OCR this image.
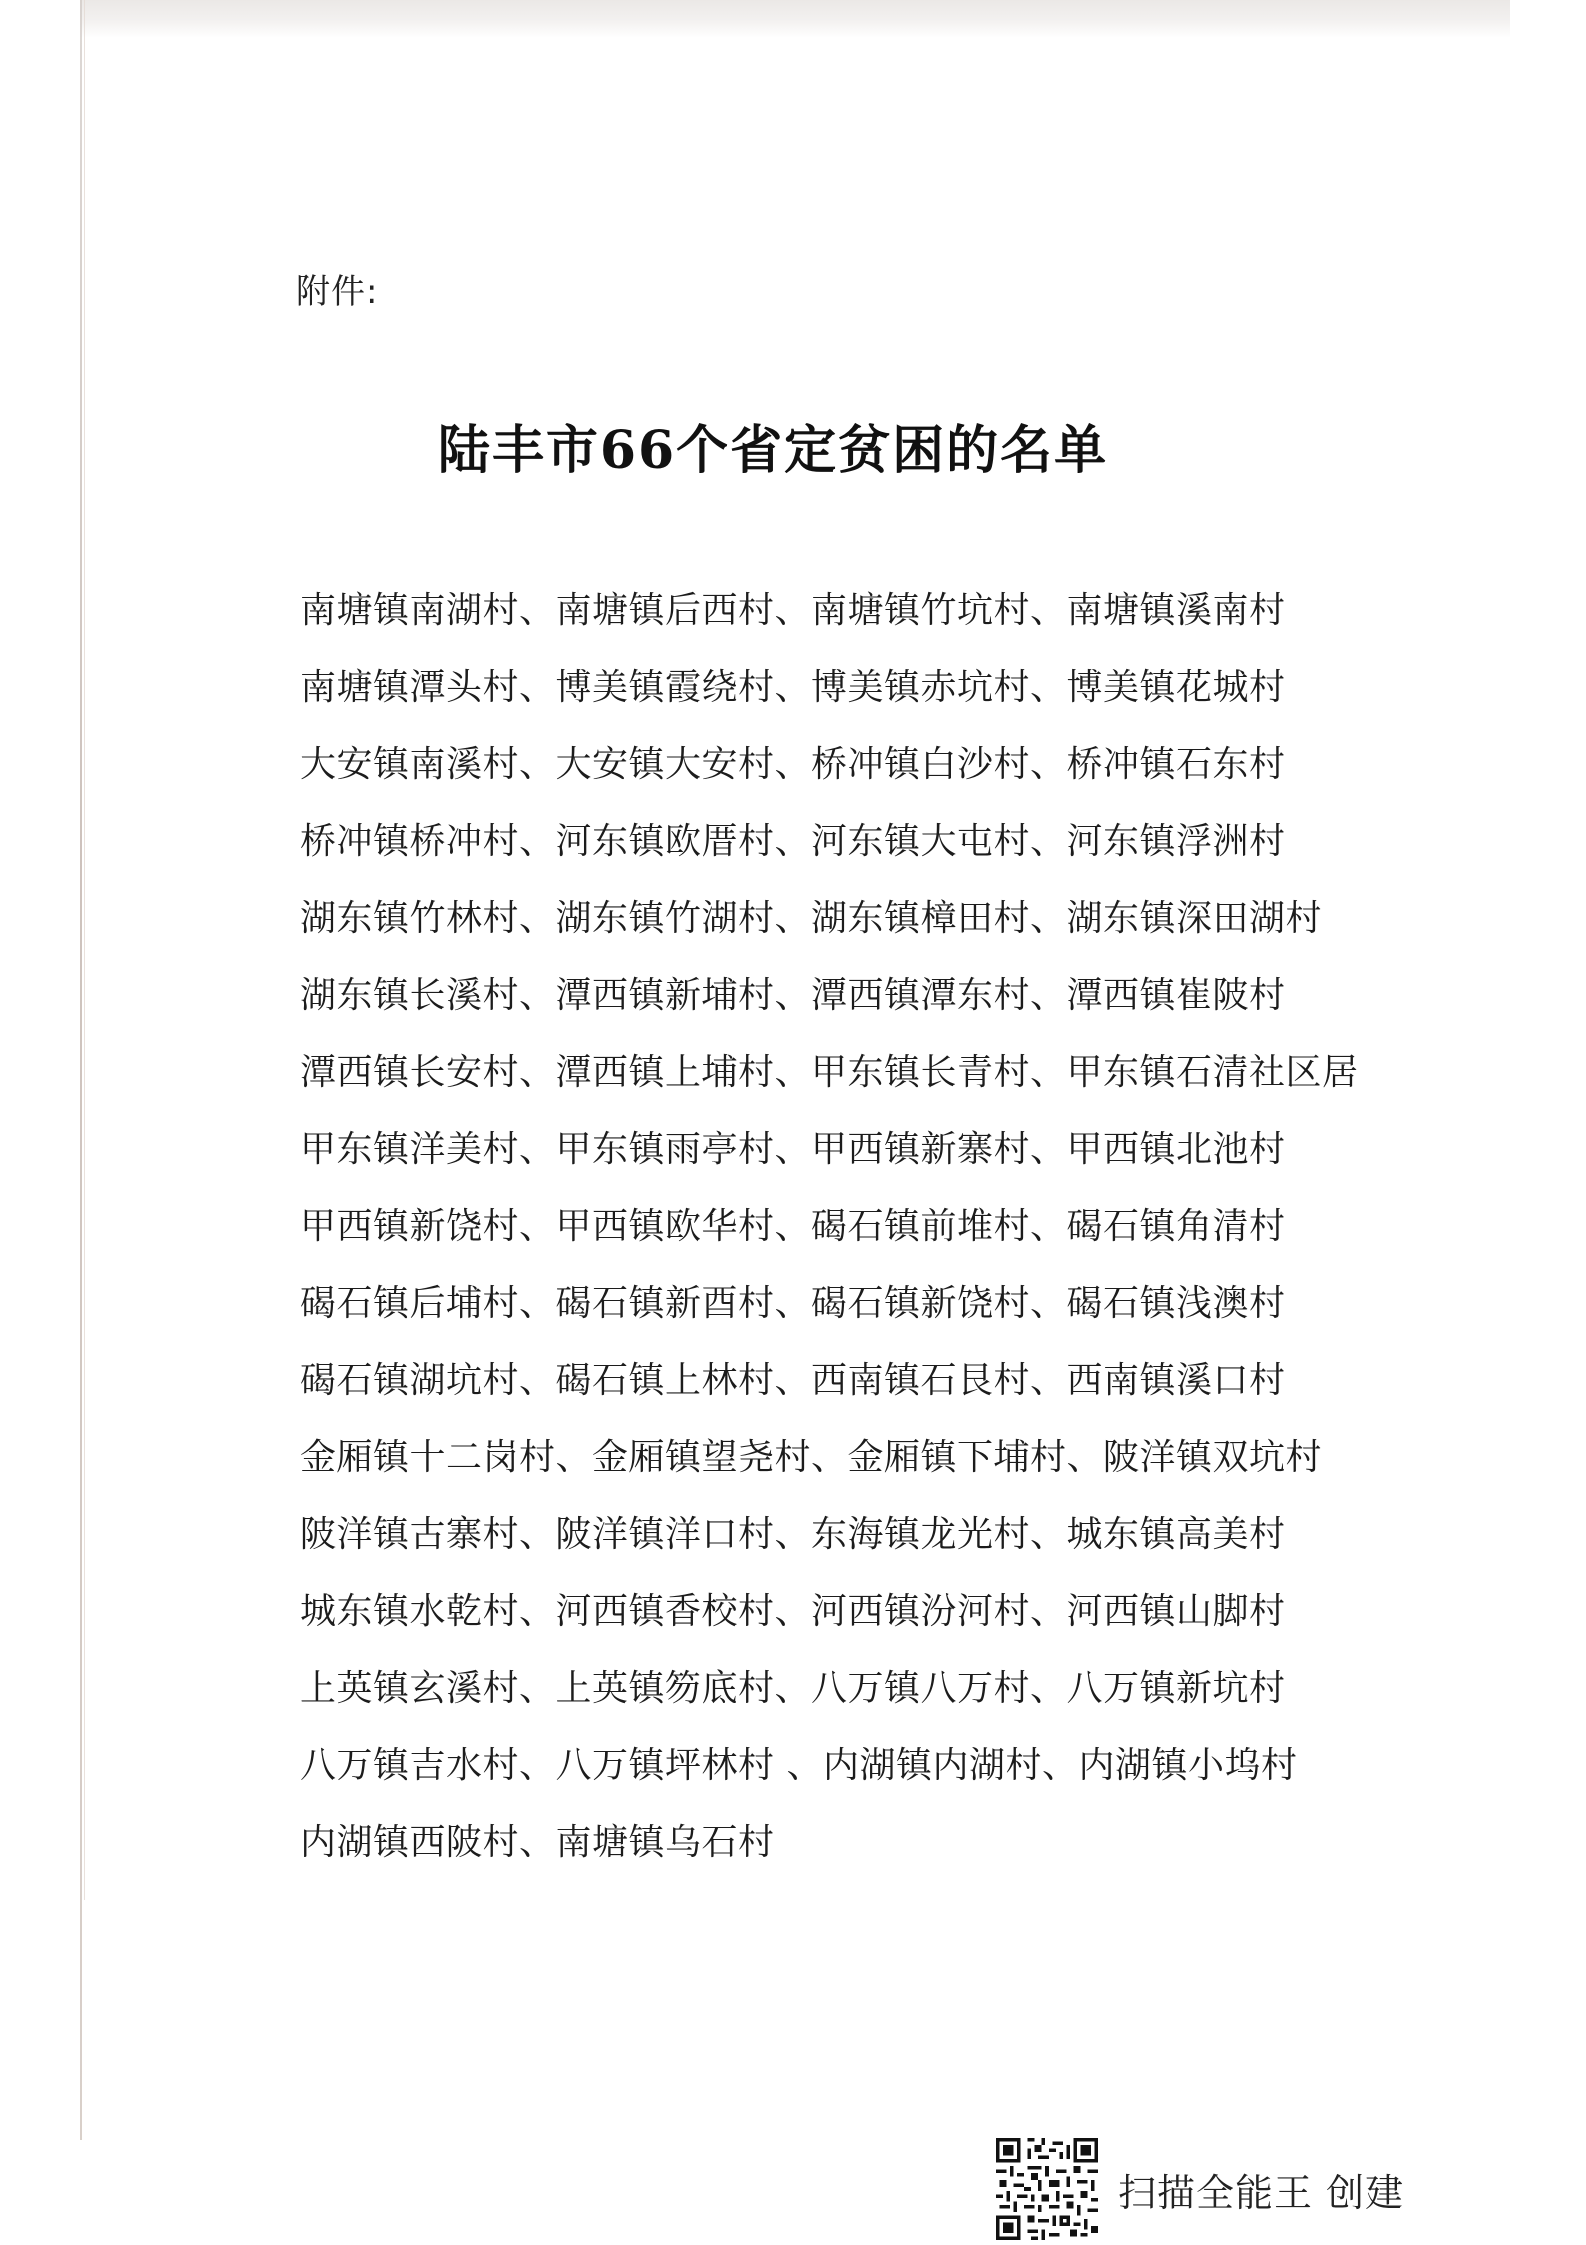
附件:
陆丰市66个省定贫困的名单
南塘镇南湖村、南塘镇后西村、南塘镇竹坑村、南塘镇溪南村
南塘镇潭头村、博美镇霞绕村、博美镇赤坑村、博美镇花城村
大安镇南溪村、大安镇大安村、桥冲镇白沙村、桥冲镇石东村
桥冲镇桥冲村、河东镇欧厝村、河东镇大屯村、河东镇浮洲村
湖东镇竹林村、湖东镇竹湖村、湖东镇樟田村、湖东镇深田湖村
湖东镇长溪村、潭西镇新埔村、潭西镇潭东村、潭西镇崔陂村
潭西镇长安村、潭西镇上埔村、甲东镇长青村、甲东镇石清社区居
甲东镇洋美村、甲东镇雨亭村、甲西镇新寨村、甲西镇北池村
甲西镇新饶村、甲西镇欧华村、碣石镇前堆村、碣石镇角清村
碣石镇后埔村、碣石镇新酉村、碣石镇新饶村、碣石镇浅澳村
碣石镇湖坑村、碣石镇上林村、西南镇石艮村、西南镇溪口村
金厢镇十二岗村、金厢镇望尧村、金厢镇下埔村、陂洋镇双坑村
陂洋镇古寨村、陂洋镇洋口村、东海镇龙光村、城东镇高美村
城东镇水乾村、河西镇香校村、河西镇汾河村、河西镇山脚村
上英镇玄溪村、上英镇笏底村、八万镇八万村、八万镇新坑村
八万镇吉水村、八万镇坪林村 、内湖镇内湖村、内湖镇小坞村
内湖镇西陂村、南塘镇乌石村
扫描全能王 创建
